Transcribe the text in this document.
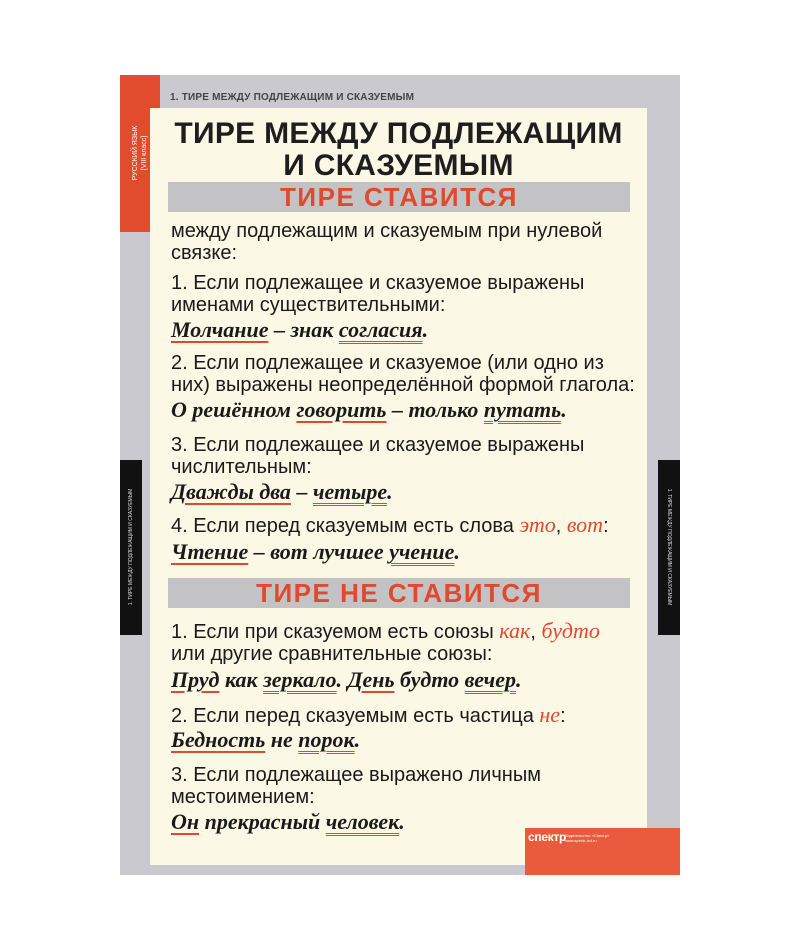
РУССКИЙ ЯЗЫК [VIII класс]
1. ТИРЕ МЕЖДУ ПОДЛЕЖАЩИМ И СКАЗУЕМЫМ	1. ТИРЕ МЕЖДУ ПОДЛЕЖАЩИМ И СКАЗУЕМЫМ
1. ТИРЕ МЕЖДУ ПОДЛЕЖАЩИМ И СКАЗУЕМЫМ
ТИРЕ МЕЖДУ ПОДЛЕЖАЩИМ
И СКАЗУЕМЫМ
ТИРЕ СТАВИТСЯ
между подлежащим и сказуемым при нулевой
связке:
1. Если подлежащее и сказуемое выражены
именами существительными:
Молчание – знак согласия.
2. Если подлежащее и сказуемое (или одно из
них) выражены неопределённой формой глагола:
О решённом говорить – только путать.
3. Если подлежащее и сказуемое выражены
числительным:
Дважды два – четыре.
4. Если перед сказуемым есть слова это, вот:
Чтение – вот лучшее учение.
ТИРЕ НЕ СТАВИТСЯ
1. Если при сказуемом есть союзы как, будто
или другие сравнительные союзы:
Пруд как зеркало. День будто вечер.
2. Если перед сказуемым есть частица не:
Бедность не порок.
3. Если подлежащее выражено личным
местоимением:
Он прекрасный человек.
спектр
Издательство «Спектр» www.spektr-izd.ru
